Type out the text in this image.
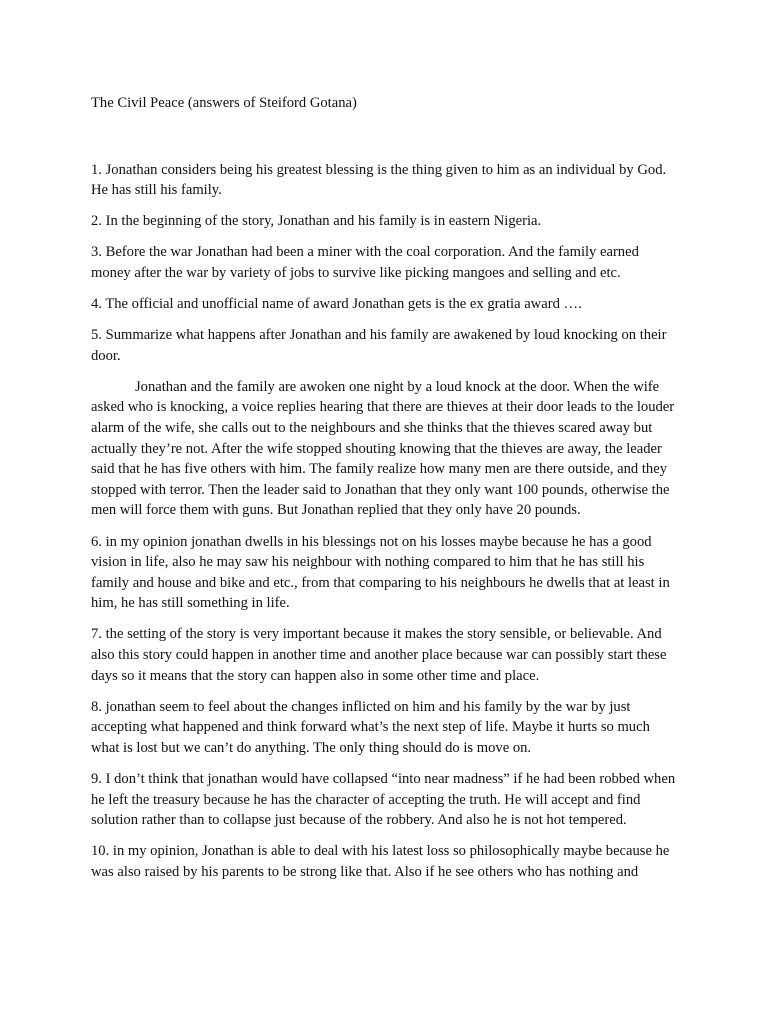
The Civil Peace (answers of Steiford Gotana)

1. Jonathan considers being his greatest blessing is the thing given to him as an individual by God. He has still his family.

2. In the beginning of the story, Jonathan and his family is in eastern Nigeria.

3. Before the war Jonathan had been a miner with the coal corporation. And the family earned money after the war by variety of jobs to survive like picking mangoes and selling and etc.

4. The official and unofficial name of award Jonathan gets is the ex gratia award ….

5. Summarize what happens after Jonathan and his family are awakened by loud knocking on their door.

Jonathan and the family are awoken one night by a loud knock at the door. When the wife asked who is knocking, a voice replies hearing that there are thieves at their door leads to the louder alarm of the wife, she calls out to the neighbours and she thinks that the thieves scared away but actually they’re not. After the wife stopped shouting knowing that the thieves are away, the leader said that he has five others with him. The family realize how many men are there outside, and they stopped with terror. Then the leader said to Jonathan that they only want 100 pounds, otherwise the men will force them with guns. But Jonathan replied that they only have 20 pounds.

6. in my opinion jonathan dwells in his blessings not on his losses maybe because he has a good vision in life, also he may saw his neighbour with nothing compared to him that he has still his family and house and bike and etc., from that comparing to his neighbours he dwells that at least in him, he has still something in life.

7. the setting of the story is very important because it makes the story sensible, or believable. And also this story could happen in another time and another place because war can possibly start these days so it means that the story can happen also in some other time and place.

8. jonathan seem to feel about the changes inflicted on him and his family by the war by just accepting what happened and think forward what’s the next step of life. Maybe it hurts so much what is lost but we can’t do anything. The only thing should do is move on.

9. I don’t think that jonathan would have collapsed “into near madness” if he had been robbed when he left the treasury because he has the character of accepting the truth. He will accept and find solution rather than to collapse just because of the robbery. And also he is not hot tempered.

10. in my opinion, Jonathan is able to deal with his latest loss so philosophically maybe because he was also raised by his parents to be strong like that. Also if he see others who has nothing and
